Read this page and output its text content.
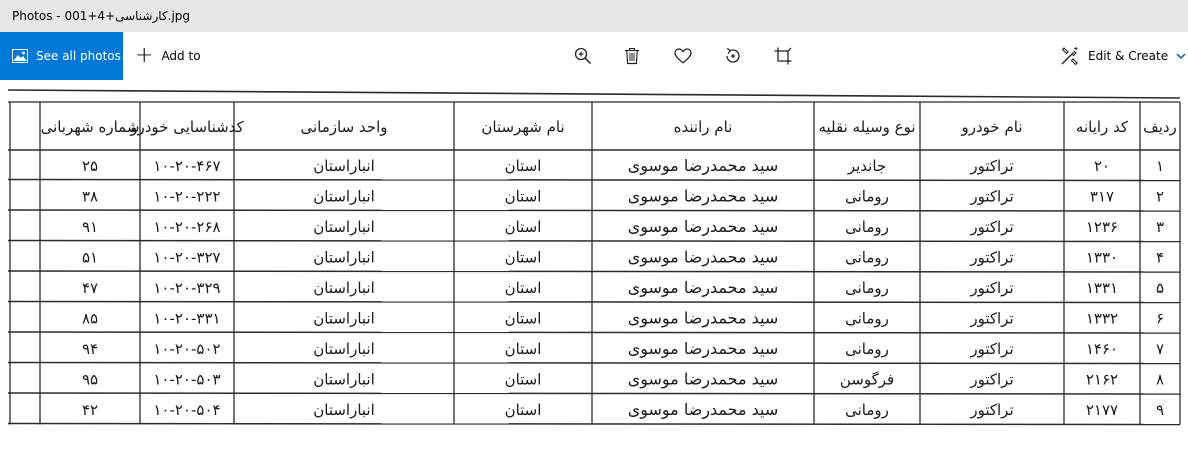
Photos - 001+4+کارشناسی.jpg
See all photos + Add to	Edit & Create
ردیف
کد رایانه
نام خودرو
نوع وسیله نقلیه
نام راننده
نام شهرستان
واحد سازمانی
کدشناسایی خودرو
شماره شهربانی
۱
۲۰
تراکتور
جاندیر
سید محمدرضا موسوی
استان
انباراستان
۱۰-۲۰-۴۶۷
۲۵
۲
۳۱۷
تراکتور
رومانی
سید محمدرضا موسوی
استان
انباراستان
۱۰-۲۰-۲۲۲
۳۸
۳
۱۲۳۶
تراکتور
رومانی
سید محمدرضا موسوی
استان
انباراستان
۱۰-۲۰-۲۶۸
۹۱
۴
۱۳۳۰
تراکتور
رومانی
سید محمدرضا موسوی
استان
انباراستان
۱۰-۲۰-۳۲۷
۵۱
۵
۱۳۳۱
تراکتور
رومانی
سید محمدرضا موسوی
استان
انباراستان
۱۰-۲۰-۳۲۹
۴۷
۶
۱۳۳۲
تراکتور
رومانی
سید محمدرضا موسوی
استان
انباراستان
۱۰-۲۰-۳۳۱
۸۵
۷
۱۴۶۰
تراکتور
رومانی
سید محمدرضا موسوی
استان
انباراستان
۱۰-۲۰-۵۰۲
۹۴
۸
۲۱۶۲
تراکتور
فرگوسن
سید محمدرضا موسوی
استان
انباراستان
۱۰-۲۰-۵۰۳
۹۵
۹
۲۱۷۷
تراکتور
رومانی
سید محمدرضا موسوی
استان
انباراستان
۱۰-۲۰-۵۰۴
۴۲
